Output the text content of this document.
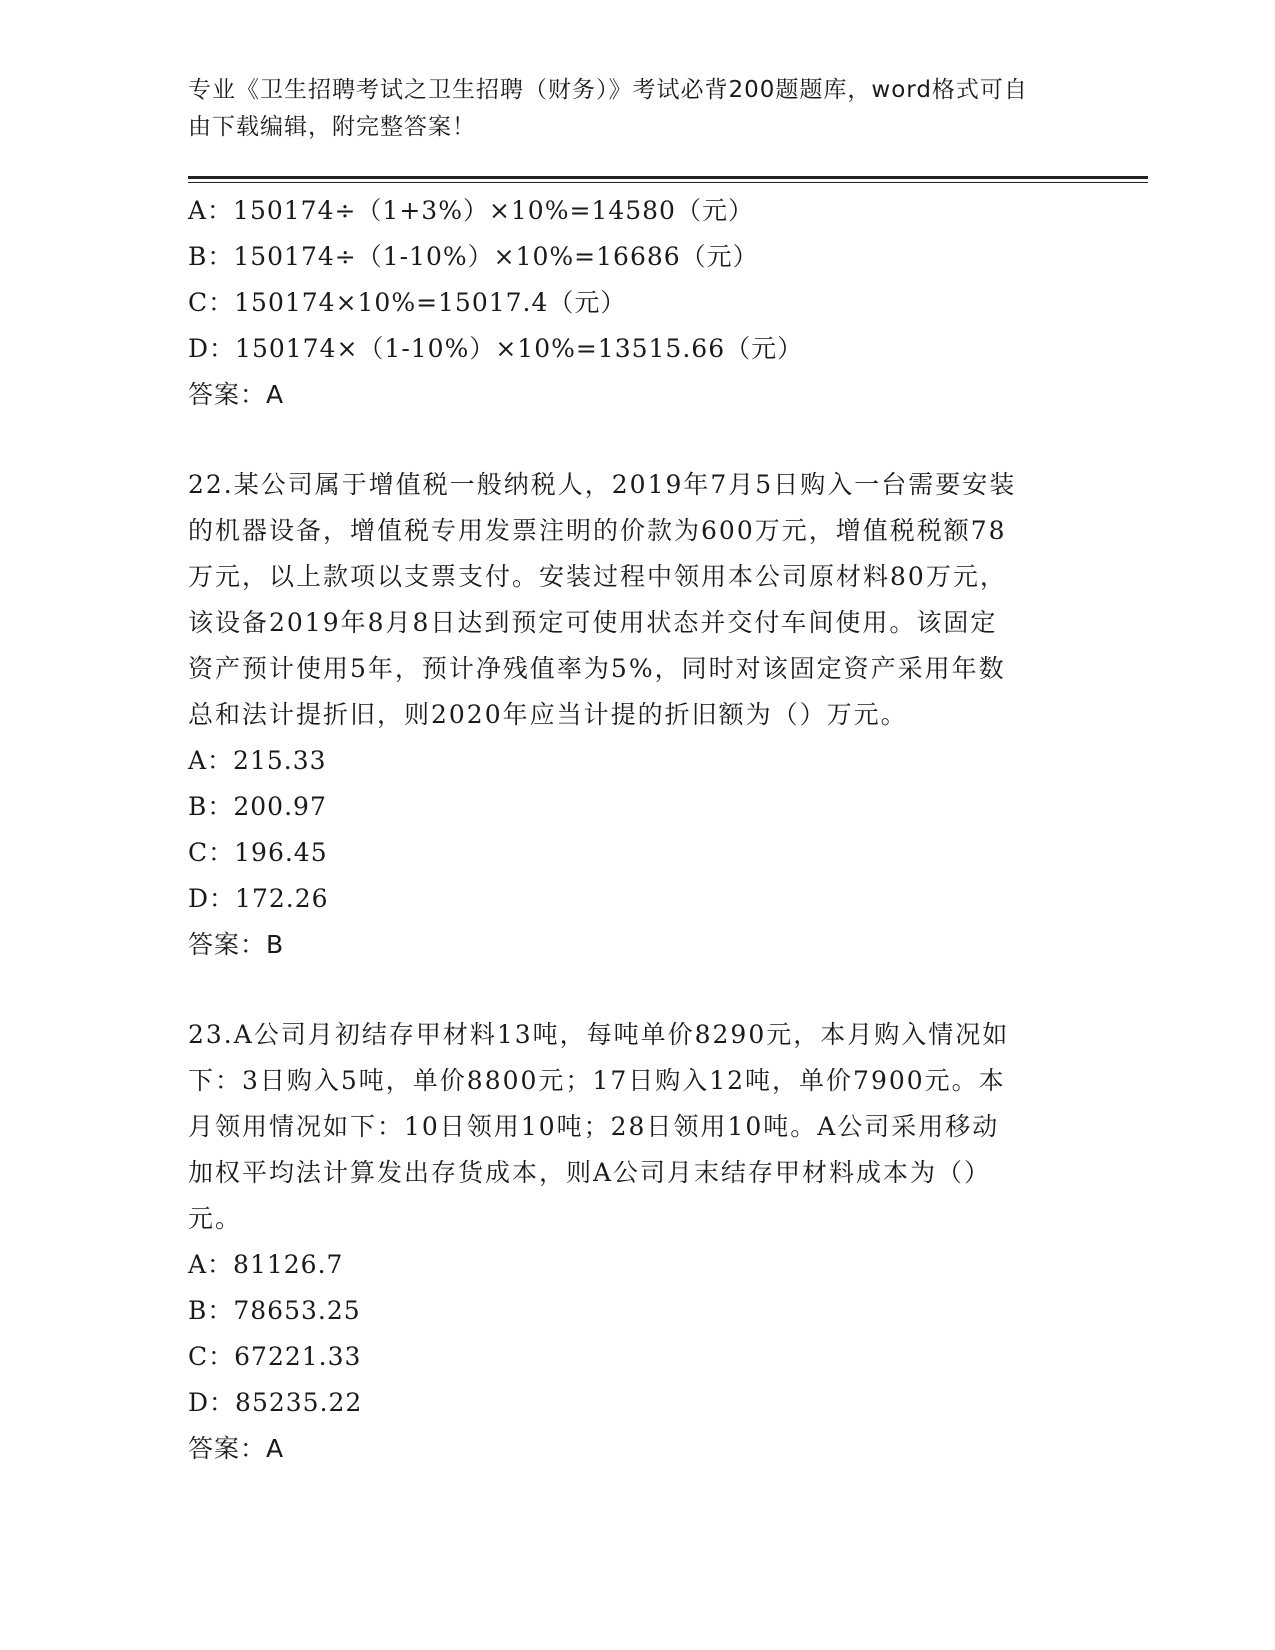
专业《卫生招聘考试之卫生招聘（财务）》考试必背200题题库，word格式可自
由下载编辑，附完整答案！
A：150174÷（1+3%）×10%=14580（元）
B：150174÷（1-10%）×10%=16686（元）
C：150174×10%=15017.4（元）
D：150174×（1-10%）×10%=13515.66（元）
答案：A
22.某公司属于增值税一般纳税人，2019年7月5日购入一台需要安装
的机器设备，增值税专用发票注明的价款为600万元，增值税税额78
万元，以上款项以支票支付。安装过程中领用本公司原材料80万元，
该设备2019年8月8日达到预定可使用状态并交付车间使用。该固定
资产预计使用5年，预计净残值率为5%，同时对该固定资产采用年数
总和法计提折旧，则2020年应当计提的折旧额为（）万元。
A：215.33
B：200.97
C：196.45
D：172.26
答案：B
23.A公司月初结存甲材料13吨，每吨单价8290元，本月购入情况如
下：3日购入5吨，单价8800元；17日购入12吨，单价7900元。本
月领用情况如下：10日领用10吨；28日领用10吨。A公司采用移动
加权平均法计算发出存货成本，则A公司月末结存甲材料成本为（）
元。
A：81126.7
B：78653.25
C：67221.33
D：85235.22
答案：A
